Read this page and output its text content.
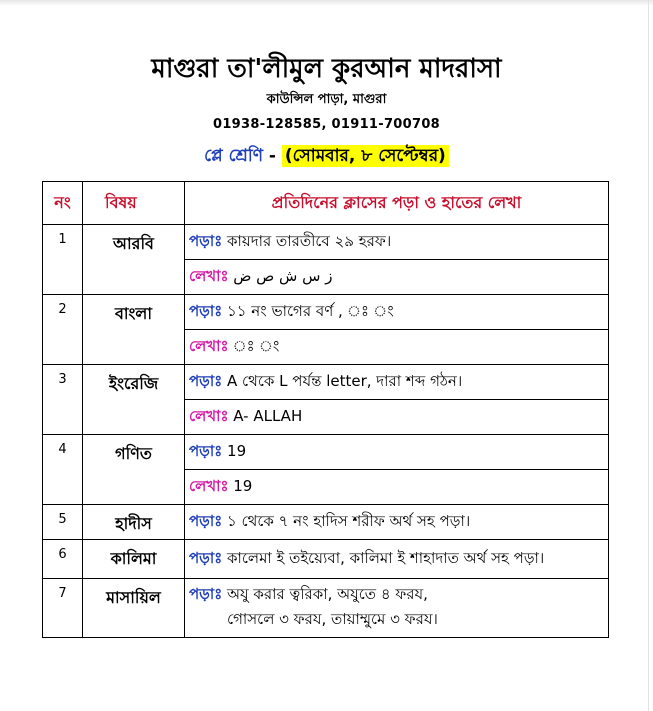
মাগুরা তা'লীমুল কুরআন মাদরাসা
কাউন্সিল পাড়া, মাগুরা
01938-128585, 01911-700708
প্লে শ্রেণি - (সোমবার, ৮ সেপ্টেম্বর)
নং	বিষয়	প্রতিদিনের ক্লাসের পড়া ও হাতের লেখা
1	আরবি	পড়াঃ কায়দার তারতীবে ২৯ হরফ।
		লেখাঃ ز س ش ص ض
2	বাংলা	পড়াঃ ১১ নং ভাগের বর্ণ , ঃ ং
		লেখাঃ ঃ ং
3	ইংরেজি	পড়াঃ A থেকে L পর্যন্ত letter, দারা শব্দ গঠন।
		লেখাঃ A- ALLAH
4	গণিত	পড়াঃ 19
		লেখাঃ 19
5	হাদীস	পড়াঃ ১ থেকে ৭ নং হাদিস শরীফ অর্থ সহ পড়া।
6	কালিমা	পড়াঃ কালেমা ই তইয়্যেবা, কালিমা ই শাহাদাত অর্থ সহ পড়া।
7	মাসায়িল	পড়াঃ অযু করার ত্বরিকা, অযুতে ৪ ফরয,
গোসলে ৩ ফরয, তায়াম্মুমে ৩ ফরয।
